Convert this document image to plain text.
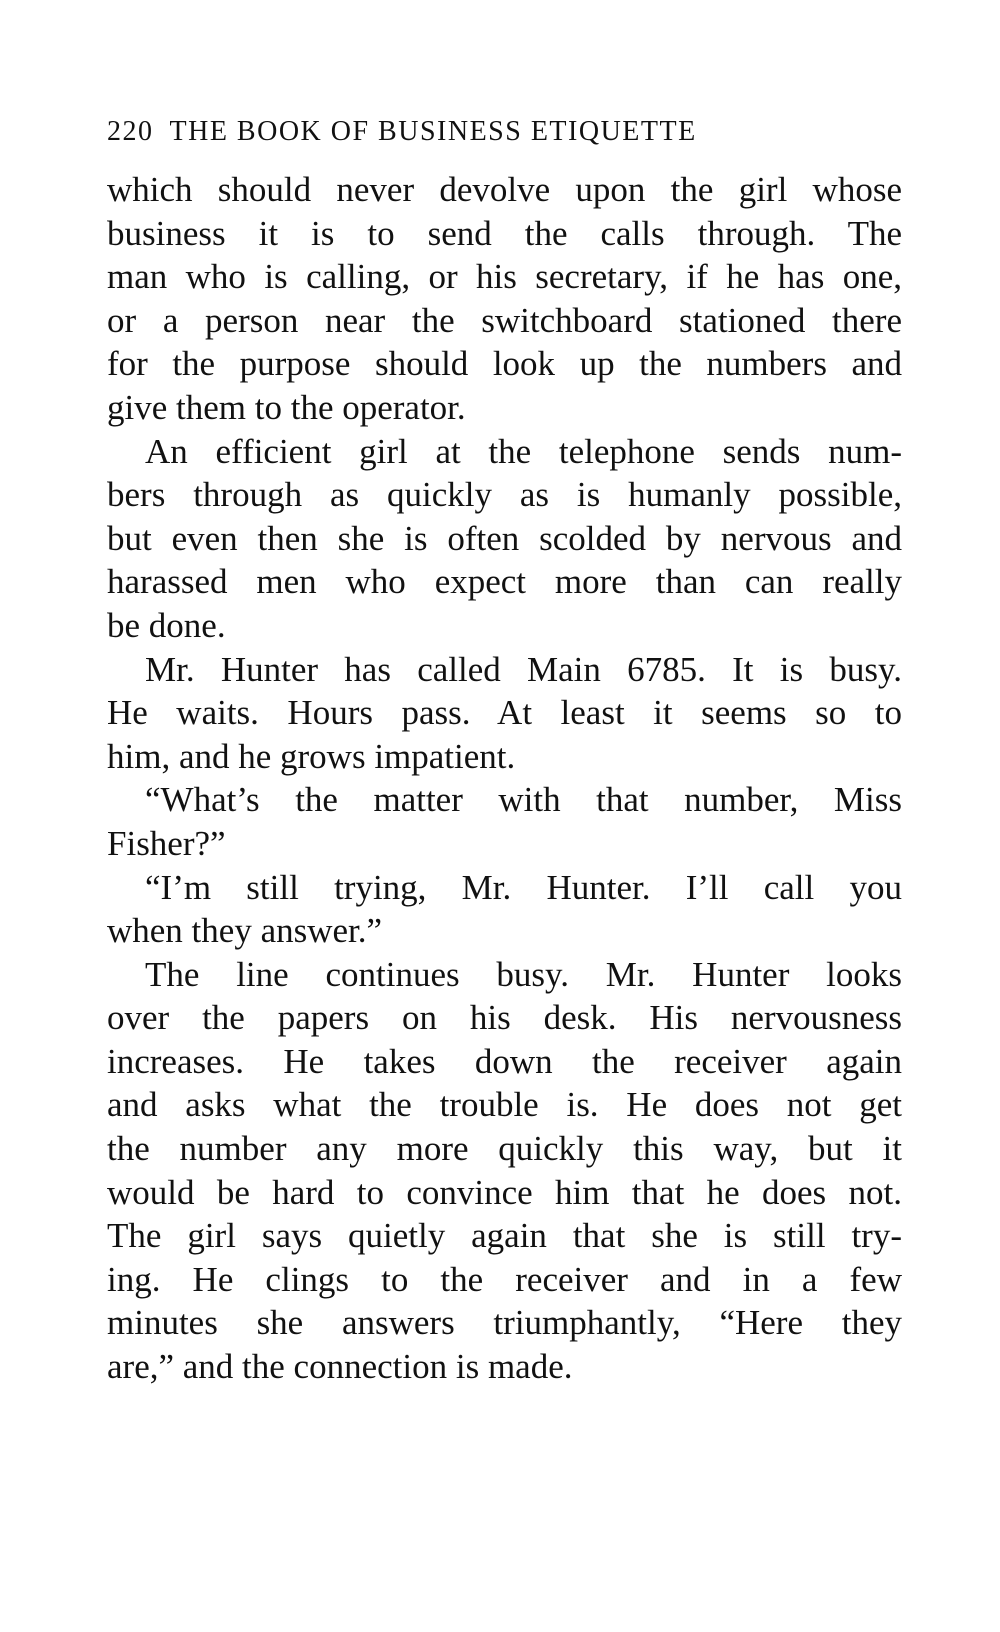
220 THE BOOK OF BUSINESS ETIQUETTE
which should never devolve upon the girl whose
business it is to send the calls through. The
man who is calling, or his secretary, if he has one,
or a person near the switchboard stationed there
for the purpose should look up the numbers and
give them to the operator.
An efficient girl at the telephone sends num-
bers through as quickly as is humanly possible,
but even then she is often scolded by nervous and
harassed men who expect more than can really
be done.
Mr. Hunter has called Main 6785. It is busy.
He waits. Hours pass. At least it seems so to
him, and he grows impatient.
“What’s the matter with that number, Miss
Fisher?”
“I’m still trying, Mr. Hunter. I’ll call you
when they answer.”
The line continues busy. Mr. Hunter looks
over the papers on his desk. His nervousness
increases. He takes down the receiver again
and asks what the trouble is. He does not get
the number any more quickly this way, but it
would be hard to convince him that he does not.
The girl says quietly again that she is still try-
ing. He clings to the receiver and in a few
minutes she answers triumphantly, “Here they
are,” and the connection is made.
